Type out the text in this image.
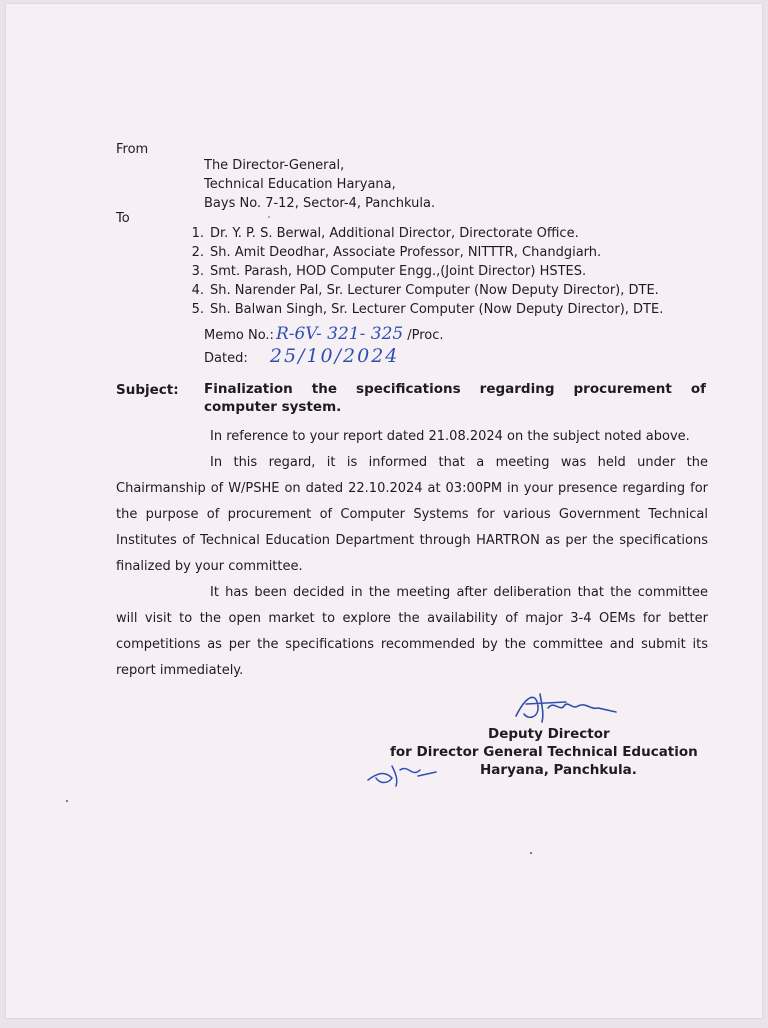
From
The Director-General,
Technical Education Haryana,
Bays No. 7-12, Sector-4, Panchkula.
To
1. Dr. Y. P. S. Berwal, Additional Director, Directorate Office.
2. Sh. Amit Deodhar, Associate Professor, NITTTR, Chandgiarh.
3. Smt. Parash, HOD Computer Engg.,(Joint Director) HSTES.
4. Sh. Narender Pal, Sr. Lecturer Computer (Now Deputy Director), DTE.
5. Sh. Balwan Singh, Sr. Lecturer Computer (Now Deputy Director), DTE.
Memo No.: R-6V- 321- 325 /Proc.
Dated: 25/10/2024
Subject: Finalization the specifications regarding procurement of computer system.

In reference to your report dated 21.08.2024 on the subject noted above.

In this regard, it is informed that a meeting was held under the Chairmanship of W/PSHE on dated 22.10.2024 at 03:00PM in your presence regarding for the purpose of procurement of Computer Systems for various Government Technical Institutes of Technical Education Department through HARTRON as per the specifications finalized by your committee.

It has been decided in the meeting after deliberation that the committee will visit to the open market to explore the availability of major 3-4 OEMs for better competitions as per the specifications recommended by the committee and submit its report immediately.

Deputy Director
for Director General Technical Education
Haryana, Panchkula.
